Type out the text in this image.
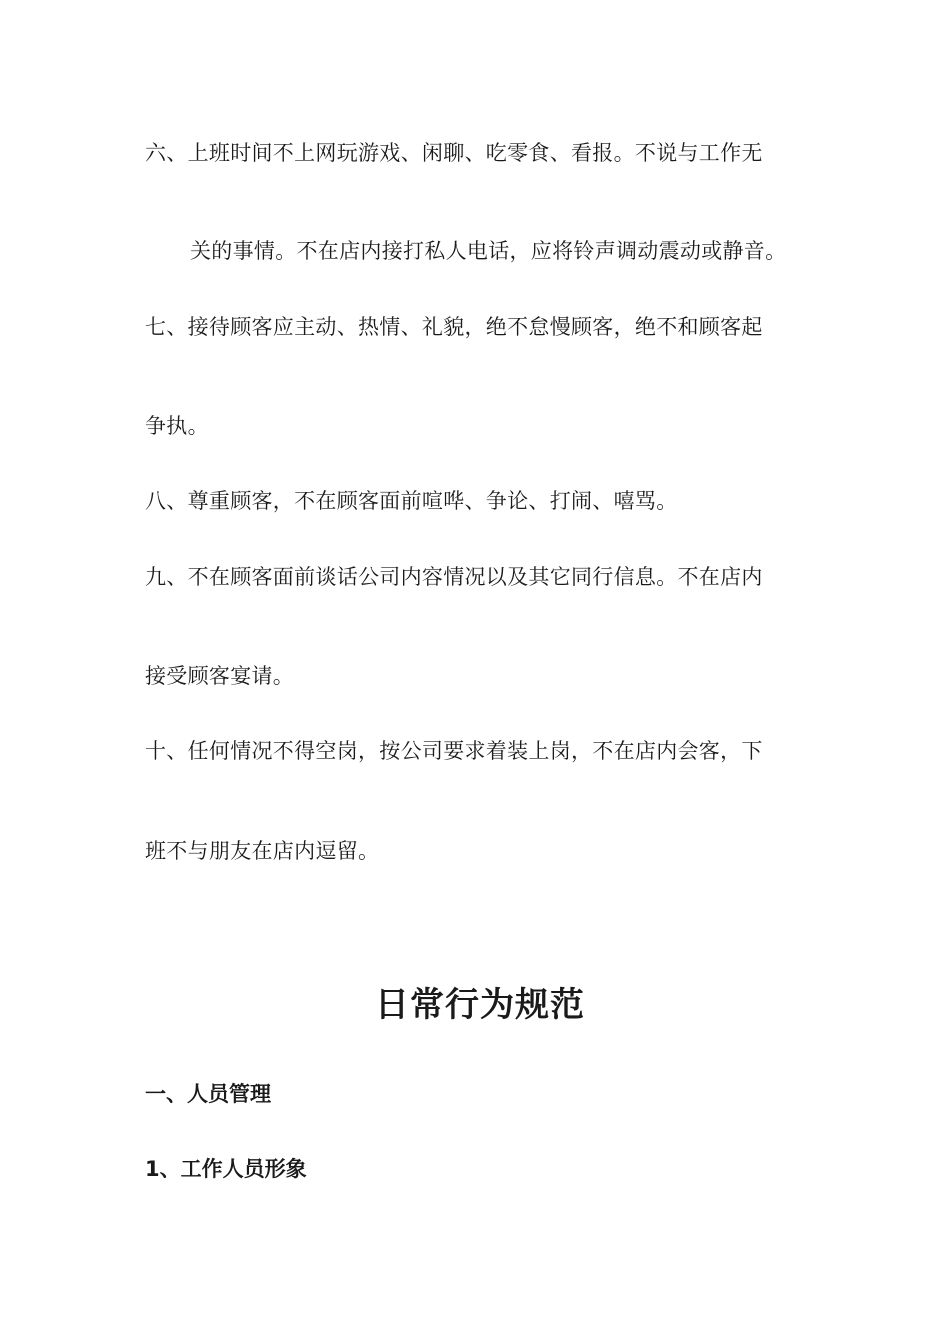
六、上班时间不上网玩游戏、闲聊、吃零食、看报。不说与工作无
关的事情。不在店内接打私人电话，应将铃声调动震动或静音。
七、接待顾客应主动、热情、礼貌，绝不怠慢顾客，绝不和顾客起
争执。
八、尊重顾客，不在顾客面前喧哗、争论、打闹、嘻骂。
九、不在顾客面前谈话公司内容情况以及其它同行信息。不在店内
接受顾客宴请。
十、任何情况不得空岗，按公司要求着装上岗，不在店内会客，下
班不与朋友在店内逗留。
日常行为规范
一、人员管理
1、工作人员形象
